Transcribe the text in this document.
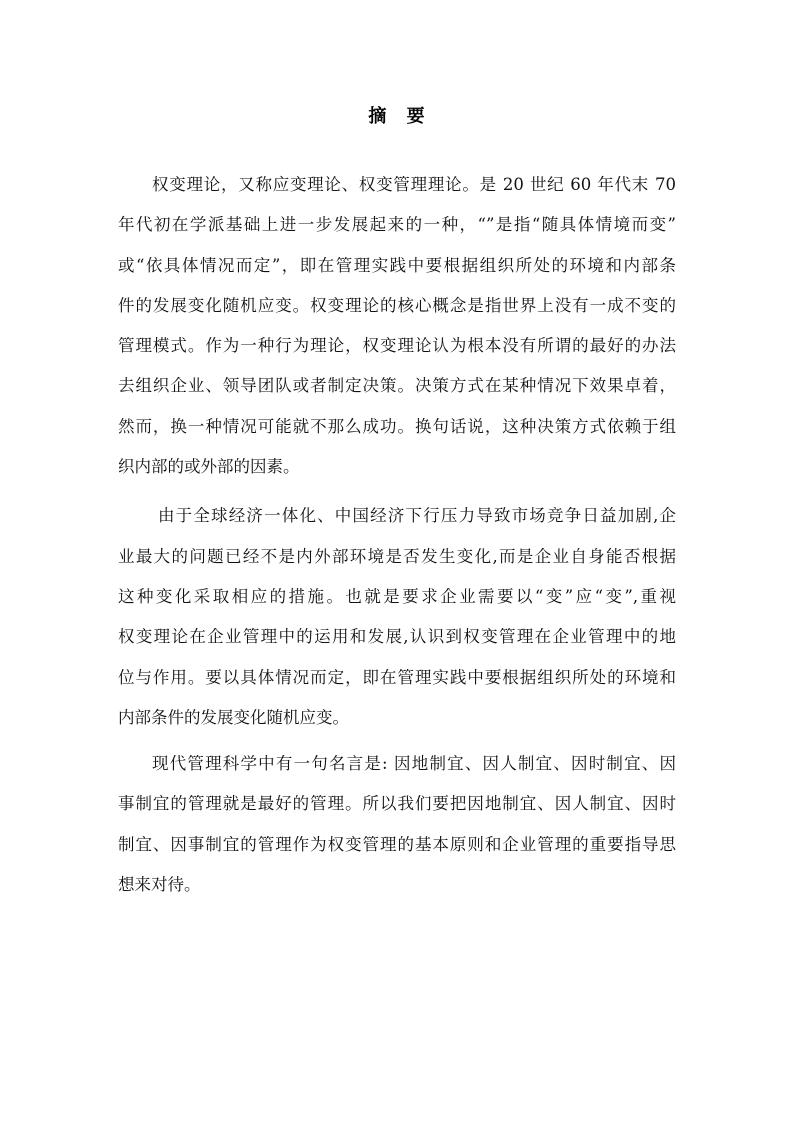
摘 要
权变理论，又称应变理论、权变管理理论。是 20 世纪 60 年代末 70
年代初在学派基础上进一步发展起来的一种，“”是指“随具体情境而变”
或“依具体情况而定”，即在管理实践中要根据组织所处的环境和内部条
件的发展变化随机应变。权变理论的核心概念是指世界上没有一成不变的
管理模式。作为一种行为理论，权变理论认为根本没有所谓的最好的办法
去组织企业、领导团队或者制定决策。决策方式在某种情况下效果卓着，
然而，换一种情况可能就不那么成功。换句话说，这种决策方式依赖于组
织内部的或外部的因素。
由于全球经济一体化、中国经济下行压力导致市场竞争日益加剧,企
业最大的问题已经不是内外部环境是否发生变化,而是企业自身能否根据
这种变化采取相应的措施。也就是要求企业需要以“变”应“变”,重视
权变理论在企业管理中的运用和发展,认识到权变管理在企业管理中的地
位与作用。要以具体情况而定，即在管理实践中要根据组织所处的环境和
内部条件的发展变化随机应变。
现代管理科学中有一句名言是: 因地制宜、因人制宜、因时制宜、因
事制宜的管理就是最好的管理。所以我们要把因地制宜、因人制宜、因时
制宜、因事制宜的管理作为权变管理的基本原则和企业管理的重要指导思
想来对待。
